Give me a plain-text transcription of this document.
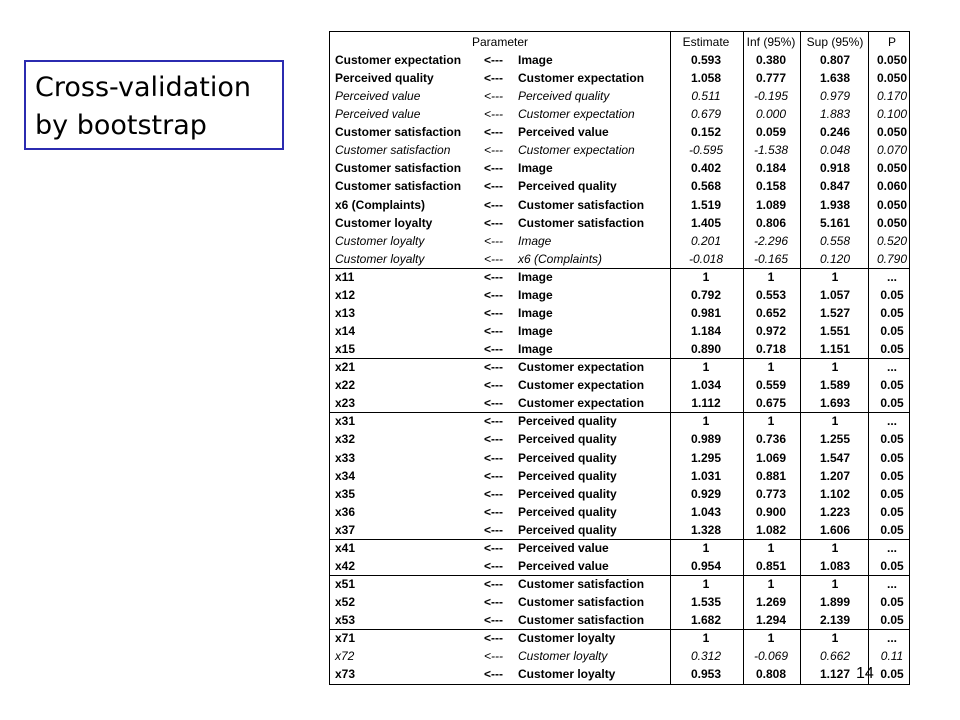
Cross-validation
by bootstrap
Parameter	Estimate	Inf (95%) Sup (95%)	P
Customer expectation <--- Image	0.593	0.380	0.807	0.050
Perceived quality	<--- Customer expectation	1.058	0.777	1.638	0.050
Perceived value	<--- Perceived quality	0.511	-0.195	0.979	0.170
Perceived value	<--- Customer expectation	0.679	0.000	1.883	0.100
Customer satisfaction <--- Perceived value	0.152	0.059	0.246	0.050
Customer satisfaction	<--- Customer expectation	-0.595	-1.538	0.048	0.070
Customer satisfaction <--- Image	0.402	0.184	0.918	0.050
Customer satisfaction <--- Perceived quality	0.568	0.158	0.847	0.060
x6 (Complaints)	<--- Customer satisfaction	1.519	1.089	1.938	0.050
Customer loyalty	<--- Customer satisfaction	1.405	0.806	5.161	0.050
Customer loyalty	<--- Image	0.201	-2.296	0.558	0.520
Customer loyalty	<--- x6 (Complaints)	-0.018	-0.165	0.120	0.790
x11	<--- Image	1	1	1	...
x12	<--- Image	0.792	0.553	1.057	0.05
x13	<--- Image	0.981	0.652	1.527	0.05
x14	<--- Image	1.184	0.972	1.551	0.05
x15	<--- Image	0.890	0.718	1.151	0.05
x21	<--- Customer expectation	1	1	1	...
x22	<--- Customer expectation	1.034	0.559	1.589	0.05
x23	<--- Customer expectation	1.112	0.675	1.693	0.05
x31	<--- Perceived quality	1	1	1	...
x32	<--- Perceived quality	0.989	0.736	1.255	0.05
x33	<--- Perceived quality	1.295	1.069	1.547	0.05
x34	<--- Perceived quality	1.031	0.881	1.207	0.05
x35	<--- Perceived quality	0.929	0.773	1.102	0.05
x36	<--- Perceived quality	1.043	0.900	1.223	0.05
x37	<--- Perceived quality	1.328	1.082	1.606	0.05
x41	<--- Perceived value	1	1	1	...
x42	<--- Perceived value	0.954	0.851	1.083	0.05
x51	<--- Customer satisfaction	1	1	1	...
x52	<--- Customer satisfaction	1.535	1.269	1.899	0.05
x53	<--- Customer satisfaction	1.682	1.294	2.139	0.05
x71	<--- Customer loyalty	1	1	1	...
x72	<--- Customer loyalty	0.312	-0.069	0.662	0.11
x73	<--- Customer loyalty	0.953	0.808	1.127	0.05
14
